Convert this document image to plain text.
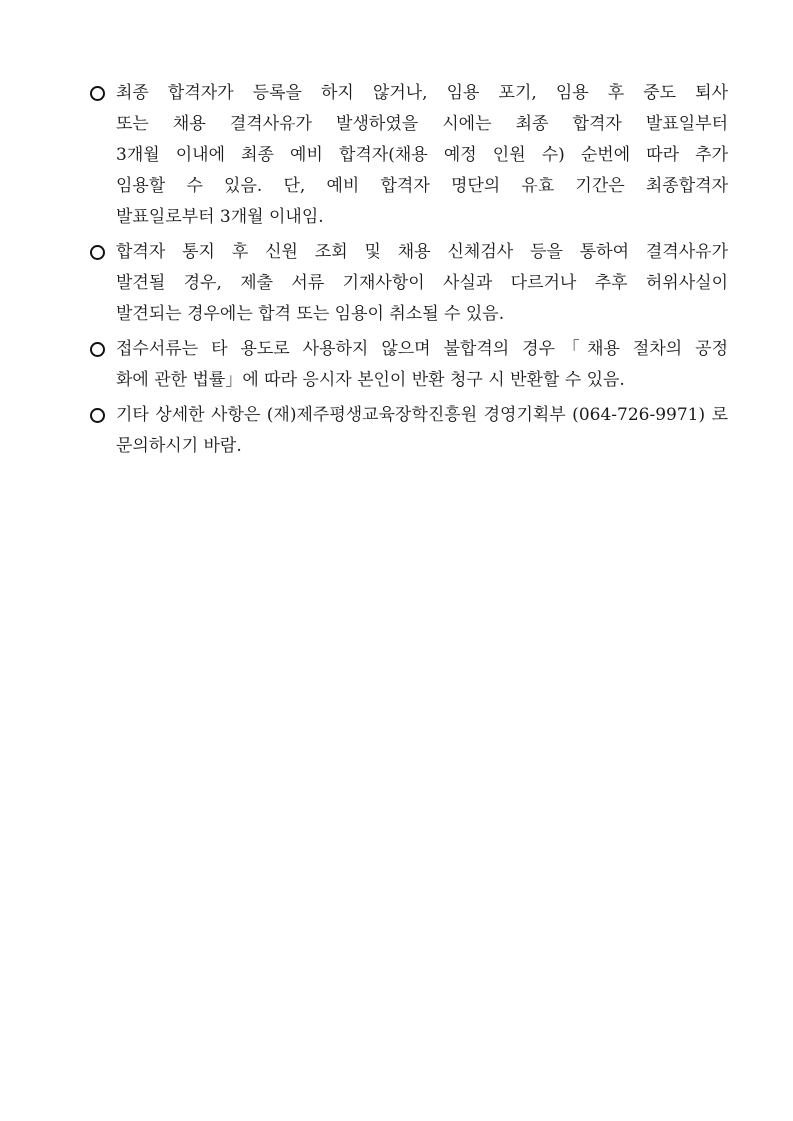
최종 합격자가 등록을 하지 않거나, 임용 포기, 임용 후 중도 퇴사
또는 채용 결격사유가 발생하였을 시에는 최종 합격자 발표일부터
3개월 이내에 최종 예비 합격자(채용 예정 인원 수) 순번에 따라 추가
임용할 수 있음. 단, 예비 합격자 명단의 유효 기간은 최종합격자
발표일로부터 3개월 이내임.
합격자 통지 후 신원 조회 및 채용 신체검사 등을 통하여 결격사유가
발견될 경우, 제출 서류 기재사항이 사실과 다르거나 추후 허위사실이
발견되는 경우에는 합격 또는 임용이 취소될 수 있음.
접수서류는 타 용도로 사용하지 않으며 불합격의 경우「채용 절차의 공정
화에 관한 법률」에 따라 응시자 본인이 반환 청구 시 반환할 수 있음.
기타 상세한 사항은 (재)제주평생교육장학진흥원 경영기획부 (064-726-9971) 로
문의하시기 바람.
